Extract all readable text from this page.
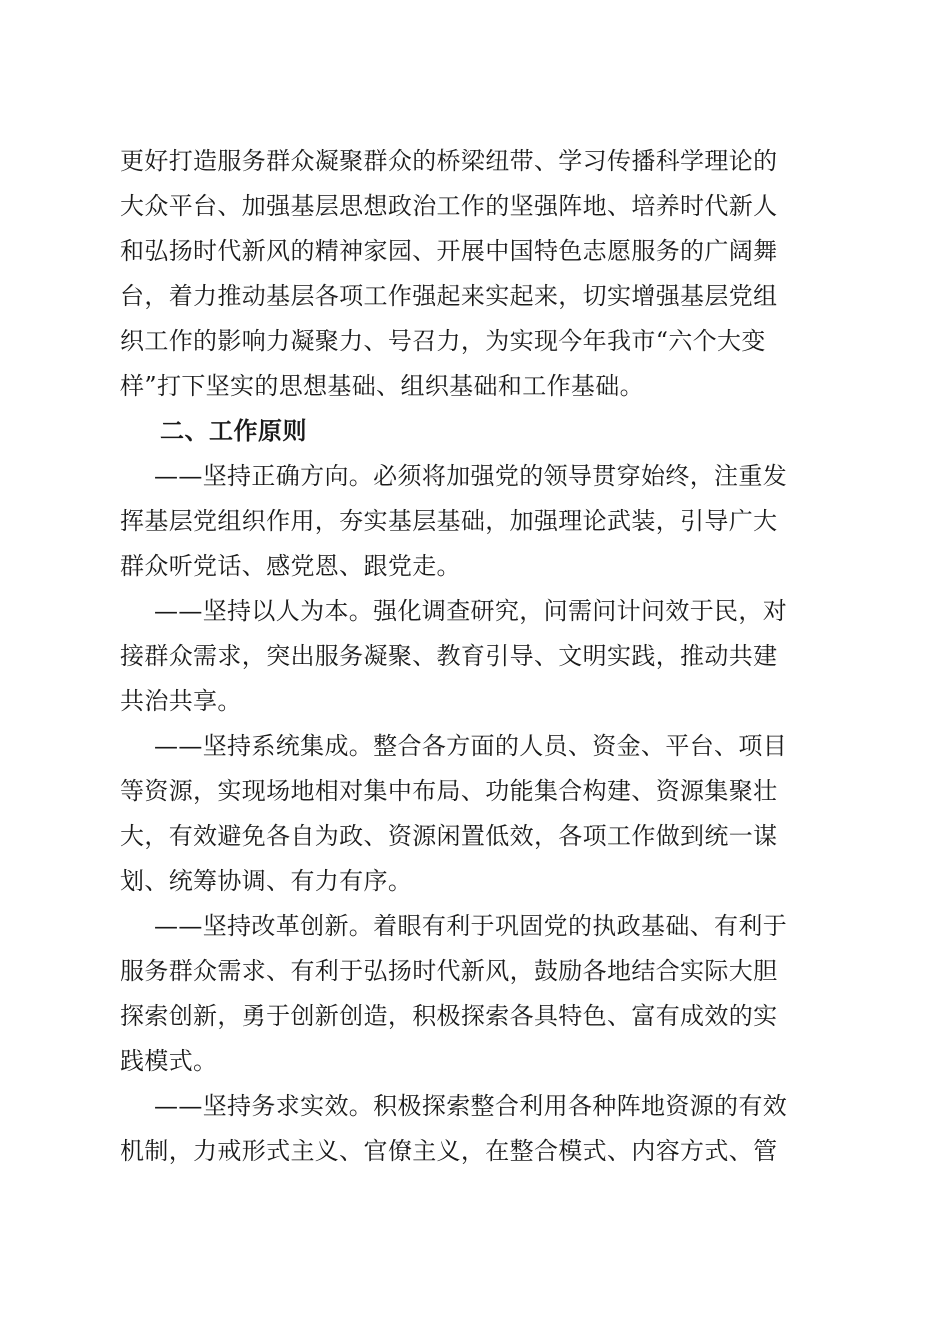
更好打造服务群众凝聚群众的桥梁纽带、学习传播科学理论的
大众平台、加强基层思想政治工作的坚强阵地、培养时代新人
和弘扬时代新风的精神家园、开展中国特色志愿服务的广阔舞
台，着力推动基层各项工作强起来实起来，切实增强基层党组
织工作的影响力凝聚力、号召力，为实现今年我市“六个大变
样”打下坚实的思想基础、组织基础和工作基础。
二、工作原则
——坚持正确方向。必须将加强党的领导贯穿始终，注重发
挥基层党组织作用，夯实基层基础，加强理论武装，引导广大
群众听党话、感党恩、跟党走。
——坚持以人为本。强化调查研究，问需问计问效于民，对
接群众需求，突出服务凝聚、教育引导、文明实践，推动共建
共治共享。
——坚持系统集成。整合各方面的人员、资金、平台、项目
等资源，实现场地相对集中布局、功能集合构建、资源集聚壮
大，有效避免各自为政、资源闲置低效，各项工作做到统一谋
划、统筹协调、有力有序。
——坚持改革创新。着眼有利于巩固党的执政基础、有利于
服务群众需求、有利于弘扬时代新风，鼓励各地结合实际大胆
探索创新，勇于创新创造，积极探索各具特色、富有成效的实
践模式。
——坚持务求实效。积极探索整合利用各种阵地资源的有效
机制，力戒形式主义、官僚主义，在整合模式、内容方式、管
